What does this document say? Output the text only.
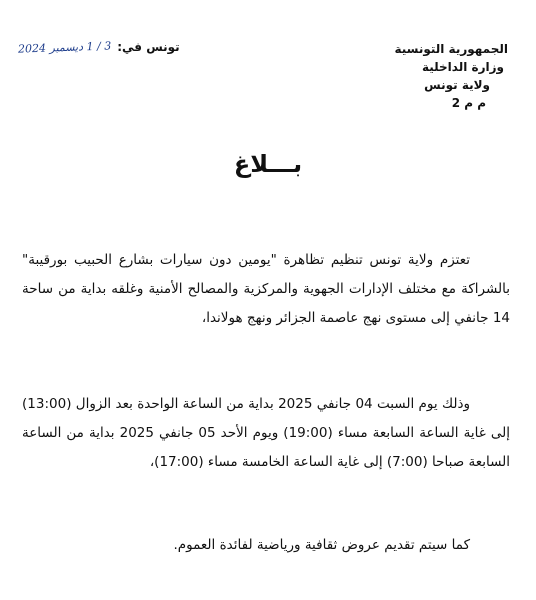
الجمهورية التونسية
وزارة الداخلية
ولاية تونس
م م 2
تونس في:
3 / 1 ديسمبر 2024
بـــلاغ
تعتزم ولاية تونس تنظيم تظاهرة "يومين دون سيارات بشارع الحبيب بورقيبة" بالشراكة مع مختلف الإدارات الجهوية والمركزية والمصالح الأمنية وغلقه بداية من ساحة 14 جانفي إلى مستوى نهج عاصمة الجزائر ونهج هولاندا،
وذلك يوم السبت 04 جانفي 2025 بداية من الساعة الواحدة بعد الزوال (13:00) إلى غاية الساعة السابعة مساء (19:00) ويوم الأحد 05 جانفي 2025 بداية من الساعة السابعة صباحا (7:00) إلى غاية الساعة الخامسة مساء (17:00)،
كما سيتم تقديم عروض ثقافية ورياضية لفائدة العموم.
